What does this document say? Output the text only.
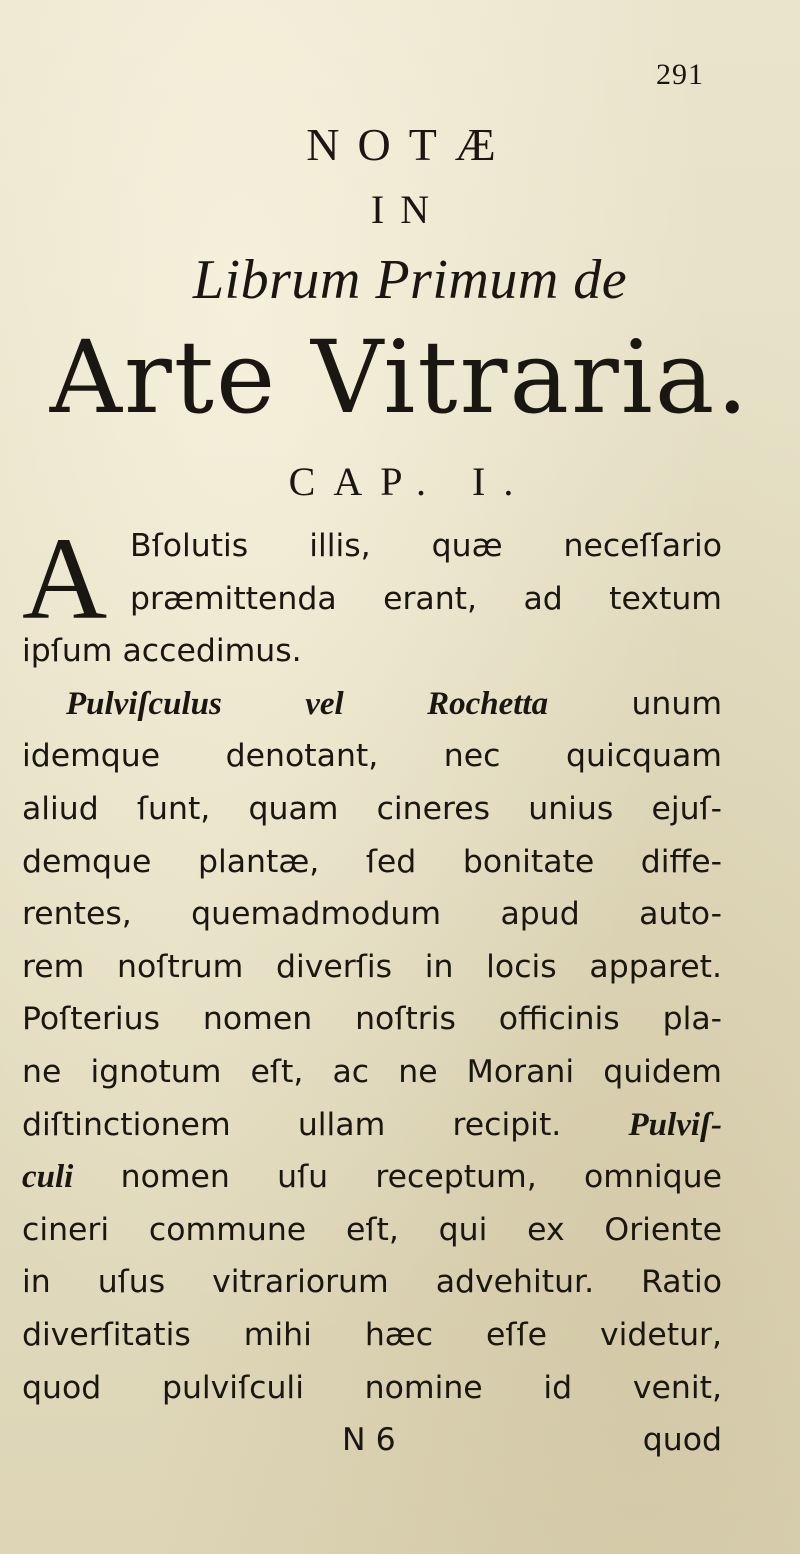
291
NOTÆ
IN
Librum Primum de
Arte Vitraria.
CAP. I.
A Bſolutis illis, quæ neceſſario
præmittenda erant, ad textum
ipſum accedimus.
Pulviſculus	vel	Rochetta	unum
idemque denotant, nec quicquam
aliud ſunt, quam cineres unius ejuſ-
demque plantæ, ſed bonitate diffe-
rentes, quemadmodum apud auto-
rem noſtrum diverſis in locis apparet.
Poſterius nomen noſtris officinis pla-
ne ignotum eſt, ac ne Morani quidem
diſtinctionem ullam recipit. Pulviſ-
culi nomen uſu receptum, omnique
cineri commune eſt, qui ex Oriente
in uſus vitrariorum advehitur. Ratio
diverſitatis mihi hæc eſſe videtur,
quod pulviſculi nomine id venit,
N 6	quod
